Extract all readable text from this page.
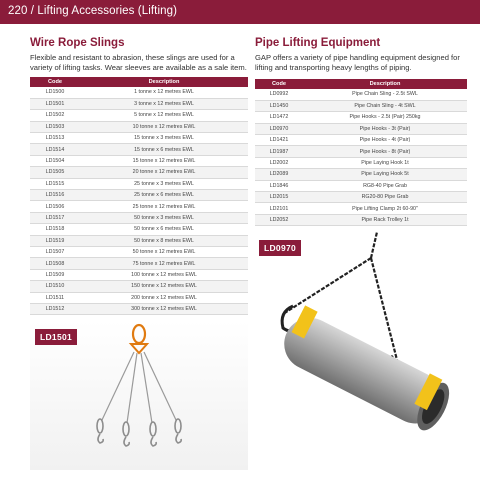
220 / Lifting Accessories (Lifting)
Wire Rope Slings

Flexible and resistant to abrasion, these slings are used for a variety of lifting tasks. Wear sleeves are available as a sale item.

Code	Description
LD1500	1 tonne x 12 metres EWL
LD1501	3 tonne x 12 metres EWL
LD1502	5 tonne x 12 metres EWL
LD1503	10 tonne x 12 metres EWL
LD1513	15 tonne x 3 metres EWL
LD1514	15 tonne x 6 metres EWL
LD1504	15 tonne x 12 metres EWL
LD1505	20 tonne x 12 metres EWL
LD1515	25 tonne x 3 metres EWL
LD1516	25 tonne x 6 metres EWL
LD1506	25 tonne x 12 metres EWL
LD1517	50 tonne x 3 metres EWL
LD1518	50 tonne x 6 metres EWL
LD1519	50 tonne x 8 metres EWL
LD1507	50 tonne x 12 metres EWL
LD1508	75 tonne x 12 metres EWL
LD1509	100 tonne x 12 metres EWL
LD1510	150 tonne x 12 metres EWL
LD1511	200 tonne x 12 metres EWL
LD1512	300 tonne x 12 metres EWL
LD1501
Pipe Lifting Equipment

GAP offers a variety of pipe handling equipment designed for lifting and transporting heavy lengths of piping.

Code	Description
LD0992	Pipe Chain Sling - 2.5t SWL
LD1450	Pipe Chain Sling - 4t SWL
LD1472	Pipe Hooks - 2.5t (Pair) 250kg
LD0970	Pipe Hooks - 3t (Pair)
LD1421	Pipe Hooks - 4t (Pair)
LD1987	Pipe Hooks - 8t (Pair)
LD2002	Pipe Laying Hook 1t
LD2089	Pipe Laying Hook 5t
LD1846	RG8-40 Pipe Grab
LD2015	RG20-80 Pipe Grab
LD2101	Pipe Lifting Clamp 2t 60-90"
LD2052	Pipe Rack Trolley 1t
LD0970
